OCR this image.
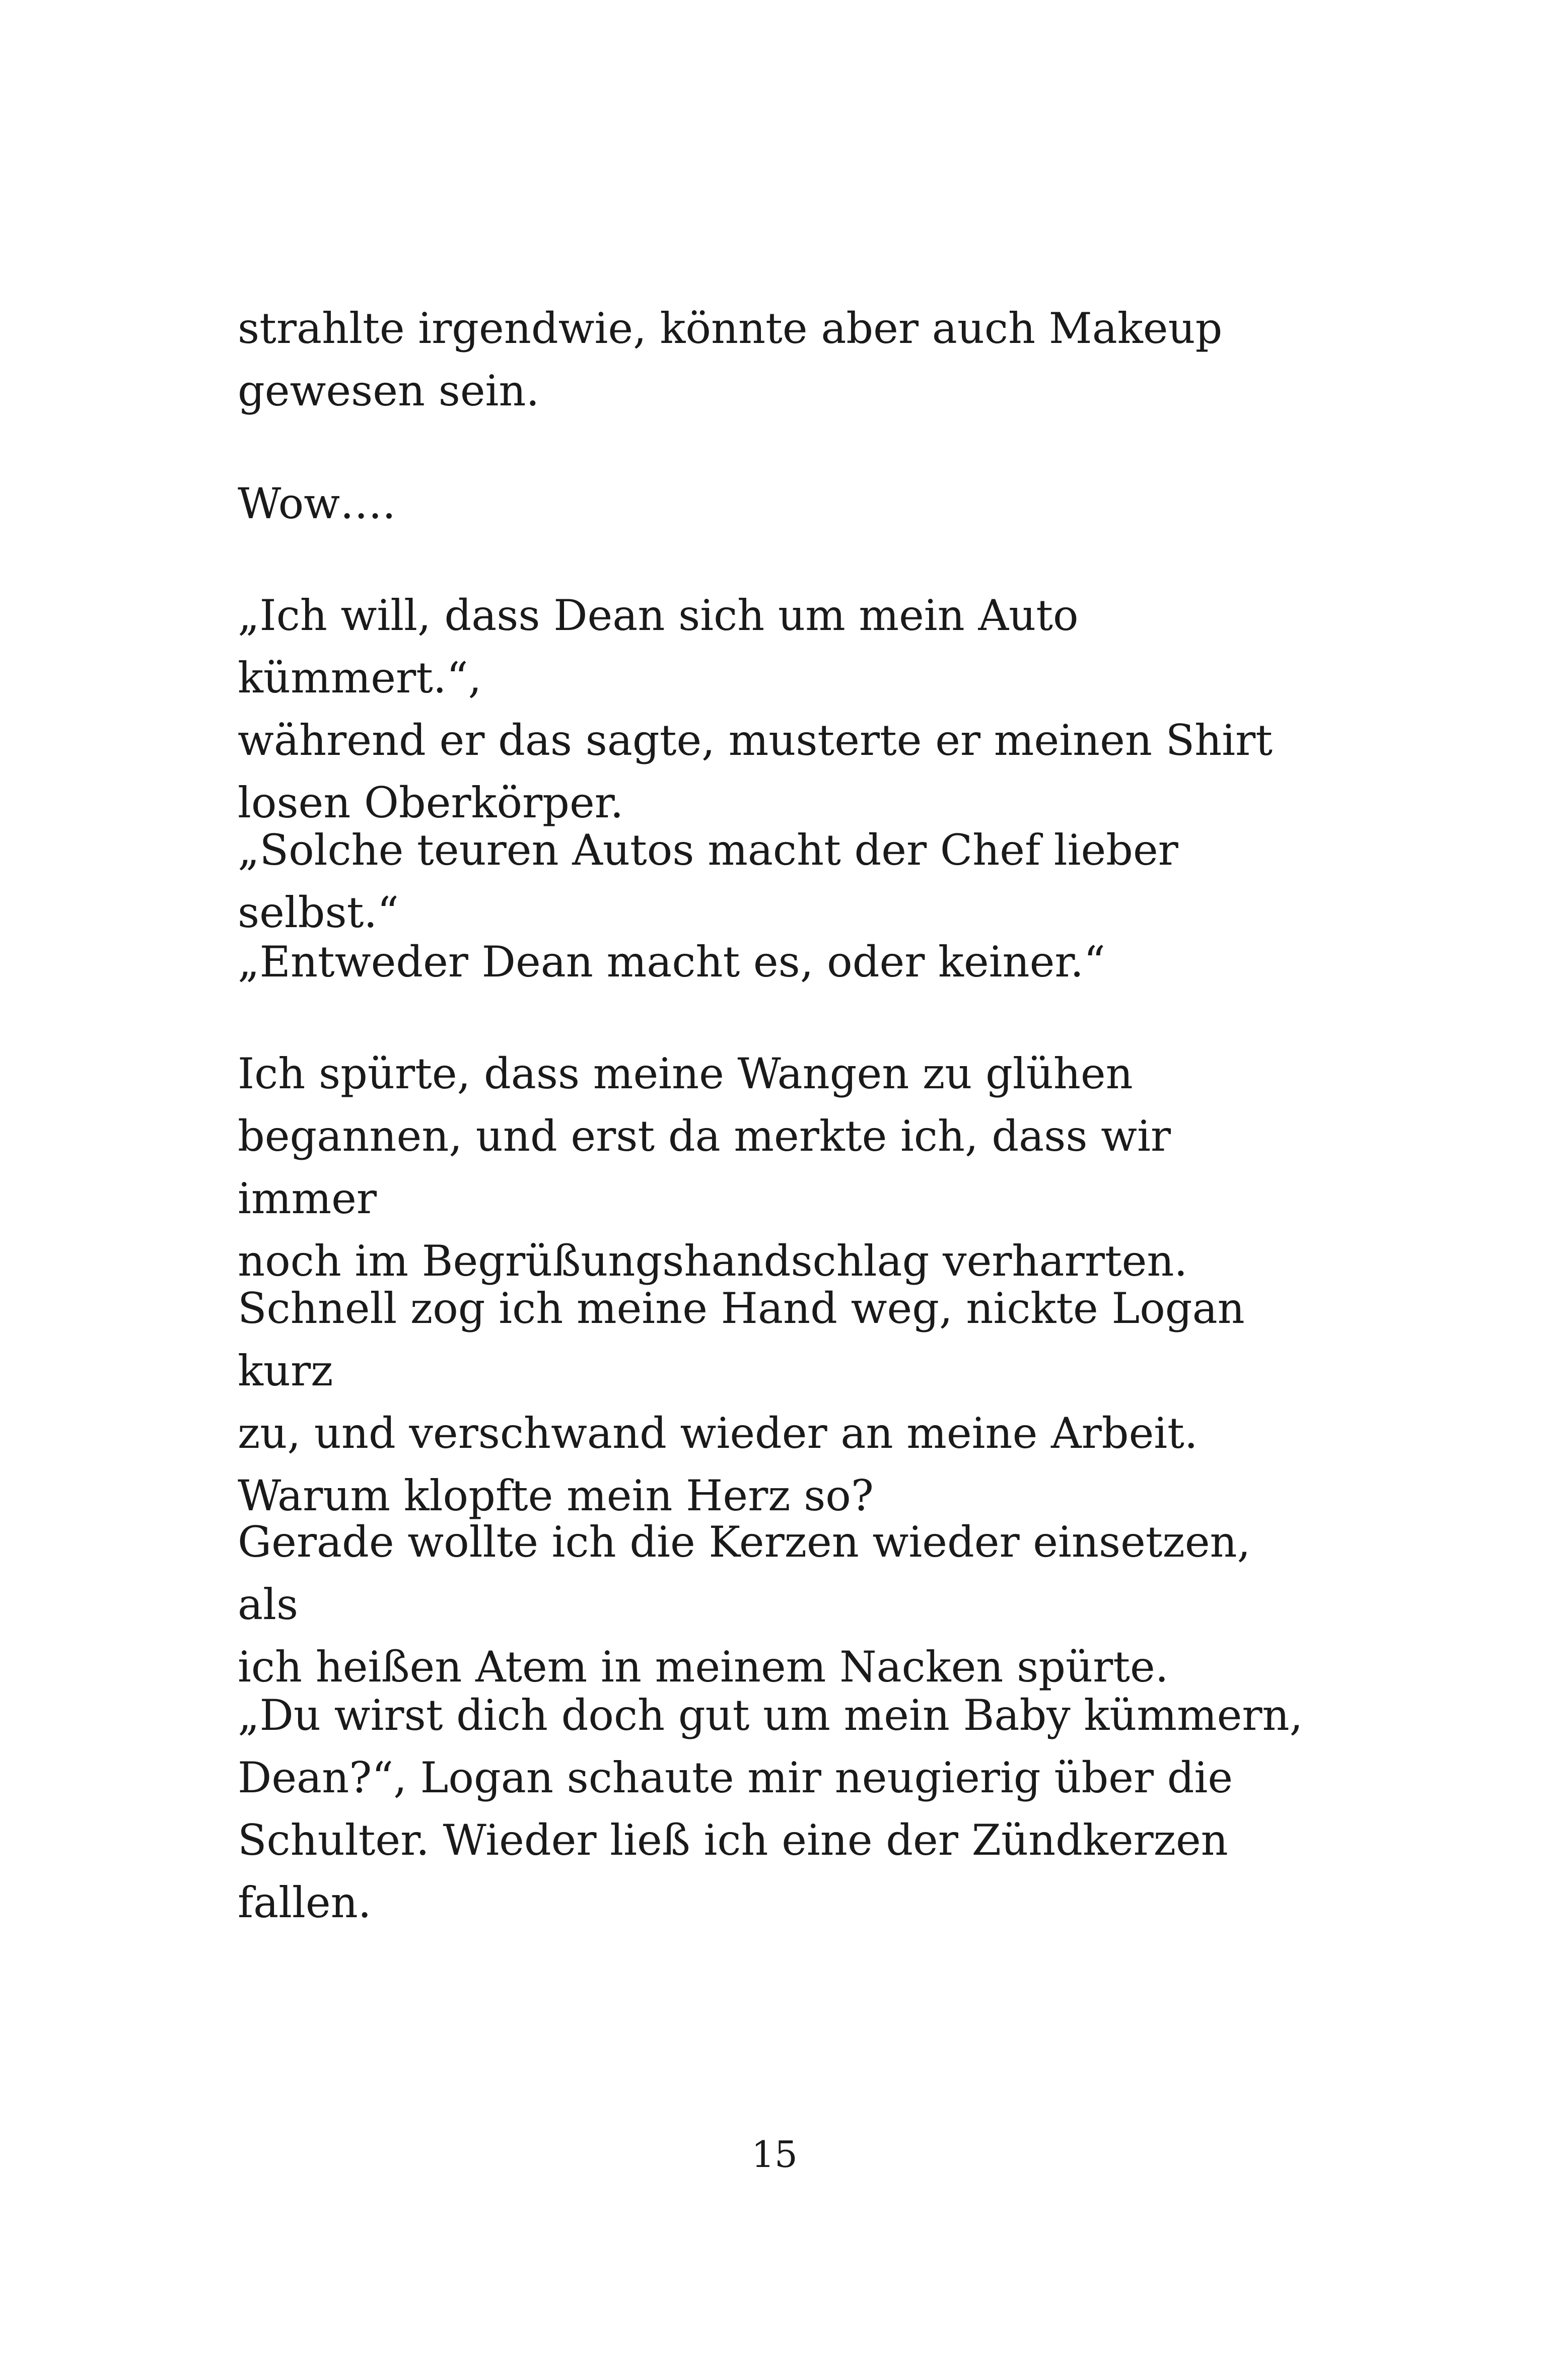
strahlte irgendwie, könnte aber auch Makeup
gewesen sein.
Wow….
„Ich will, dass Dean sich um mein Auto kümmert.“,
während er das sagte, musterte er meinen Shirt
losen Oberkörper.
„Solche teuren Autos macht der Chef lieber selbst.“
„Entweder Dean macht es, oder keiner.“
Ich spürte, dass meine Wangen zu glühen
begannen, und erst da merkte ich, dass wir immer
noch im Begrüßungshandschlag verharrten.
Schnell zog ich meine Hand weg, nickte Logan kurz
zu, und verschwand wieder an meine Arbeit.
Warum klopfte mein Herz so?
Gerade wollte ich die Kerzen wieder einsetzen, als
ich heißen Atem in meinem Nacken spürte.
„Du wirst dich doch gut um mein Baby kümmern,
Dean?“, Logan schaute mir neugierig über die
Schulter. Wieder ließ ich eine der Zündkerzen
fallen.
15
